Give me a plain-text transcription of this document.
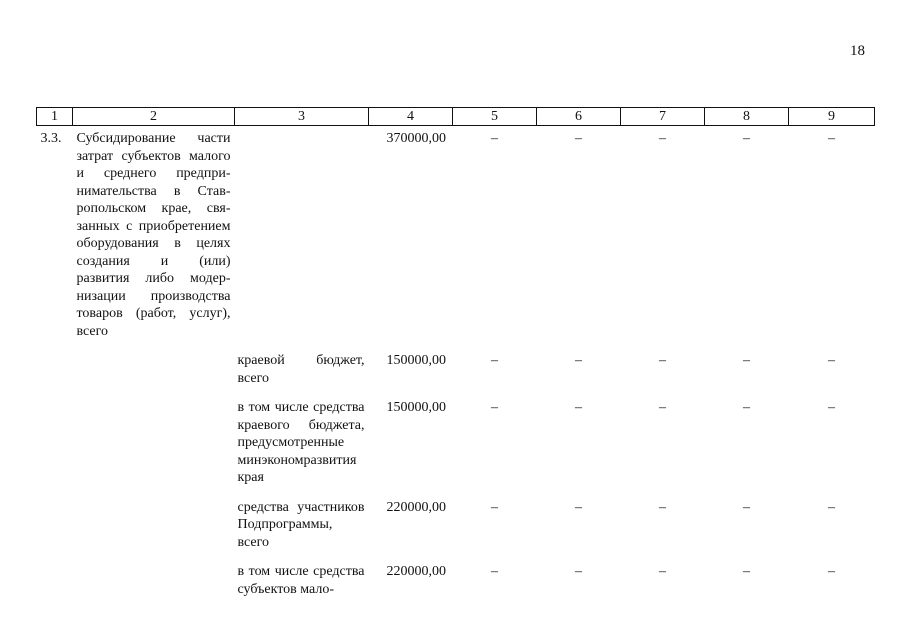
18
1	2	3	4	5	6	7	8	9
3.3.	Субсидирование части затрат субъектов малого и среднего предпринимательства в Ставропольском крае, связанных с приобретением оборудования в целях создания и (или) развития либо модернизации производства товаров (работ, услуг), всего		370000,00	–	–	–	–	–
		краевой бюджет, всего	150000,00	–	–	–	–	–
		в том числе средства краевого бюджета, предусмотренные минэкономразвития края	150000,00	–	–	–	–	–
		средства участников Подпрограммы, всего	220000,00	–	–	–	–	–
		в том числе средства субъектов мало-	220000,00	–	–	–	–	–
